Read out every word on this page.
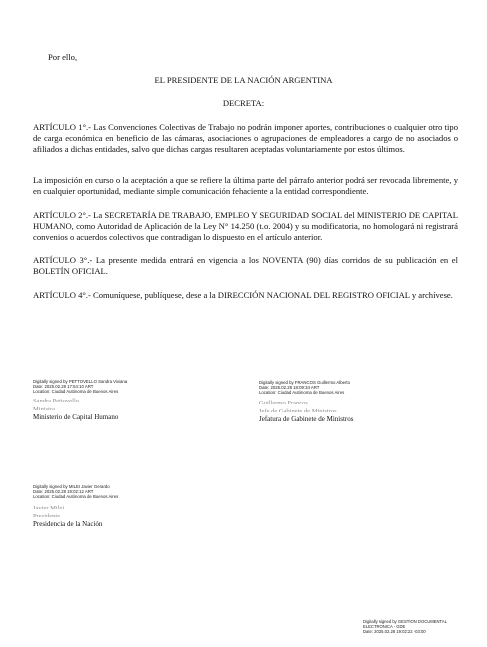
Por ello,

EL PRESIDENTE DE LA NACIÓN ARGENTINA

DECRETA:

ARTÍCULO 1°.- Las Convenciones Colectivas de Trabajo no podrán imponer aportes, contribuciones o cualquier otro tipo de carga económica en beneficio de las cámaras, asociaciones o agrupaciones de empleadores a cargo de no asociados o afiliados a dichas entidades, salvo que dichas cargas resultaren aceptadas voluntariamente por estos últimos.

La imposición en curso o la aceptación a que se refiere la última parte del párrafo anterior podrá ser revocada libremente, y en cualquier oportunidad, mediante simple comunicación fehaciente a la entidad correspondiente.

ARTÍCULO 2°.- La SECRETARÍA DE TRABAJO, EMPLEO Y SEGURIDAD SOCIAL del MINISTERIO DE CAPITAL HUMANO, como Autoridad de Aplicación de la Ley N° 14.250 (t.o. 2004) y su modificatoria, no homologará ni registrará convenios o acuerdos colectivos que contradigan lo dispuesto en el artículo anterior.

ARTÍCULO 3°.- La presente medida entrará en vigencia a los NOVENTA (90) días corridos de su publicación en el BOLETÍN OFICIAL.

ARTÍCULO 4°.- Comuníquese, publíquese, dese a la DIRECCIÓN NACIONAL DEL REGISTRO OFICIAL y archívese.

Digitally signed by PETTOVELLO Sandra Viviana
Date: 2025.02.28 17:54:10 ART
Location: Ciudad Autónoma de Buenos Aires
Sandra Pettovello
Ministra
Ministerio de Capital Humano
Digitally signed by FRANCOS Guillermo Alberto
Date: 2025.02.28 18:09:34 ART
Location: Ciudad Autónoma de Buenos Aires
Guillermo Francos
Jefe de Gabinete de Ministros
Jefatura de Gabinete de Ministros
Digitally signed by MILEI Javier Gerardo
Date: 2025.02.28 19:02:12 ART
Location: Ciudad Autónoma de Buenos Aires
Javier Milei
Presidente
Presidencia de la Nación
Digitally signed by GESTION DOCUMENTAL
ELECTRONICA - GDE
Date: 2025.02.28 19:02:22 -03:00
